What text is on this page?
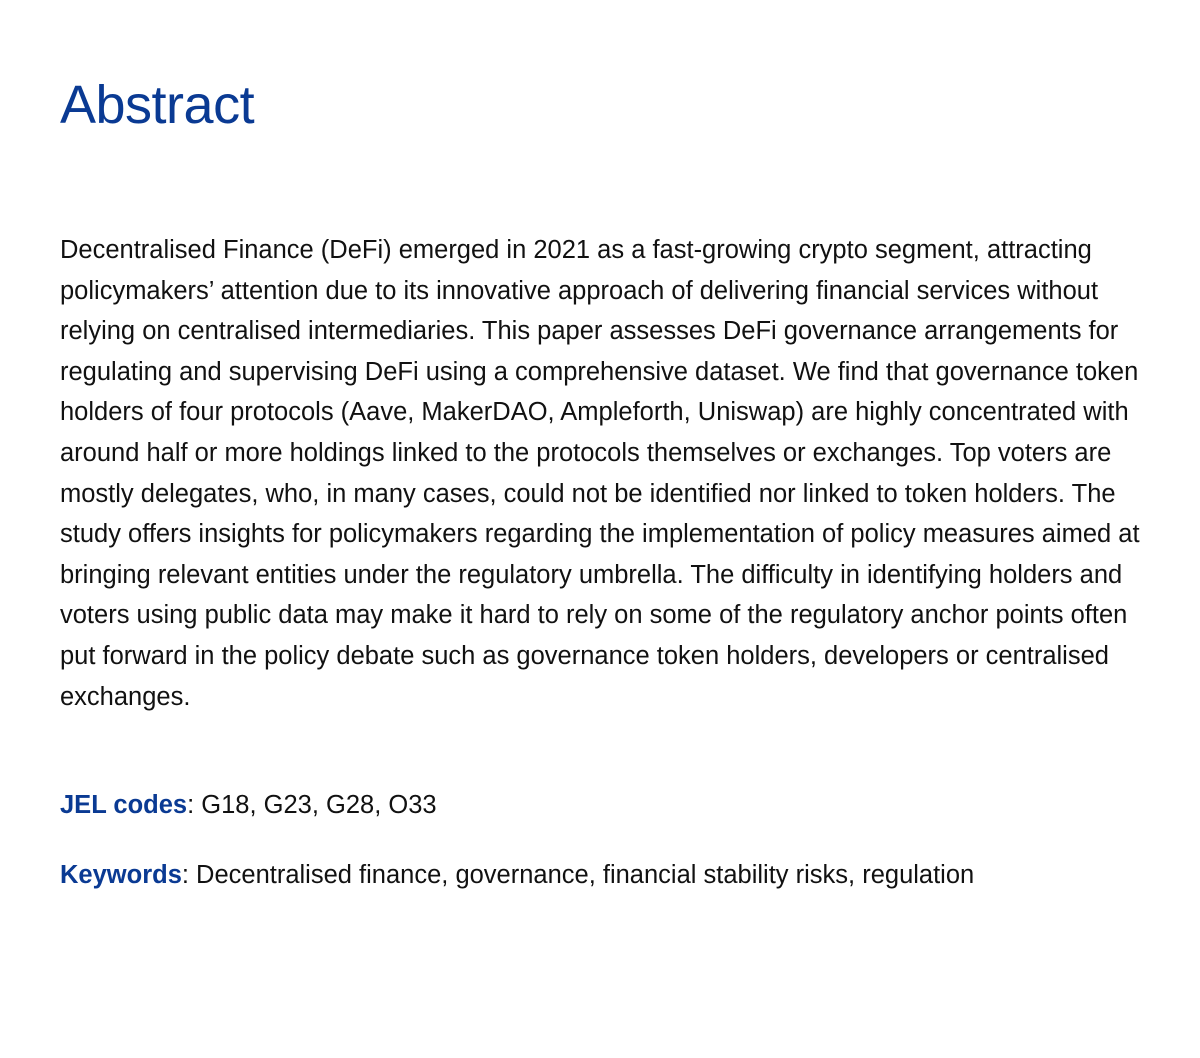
Abstract

Decentralised Finance (DeFi) emerged in 2021 as a fast-growing crypto segment, attracting policymakers’ attention due to its innovative approach of delivering financial services without relying on centralised intermediaries. This paper assesses DeFi governance arrangements for regulating and supervising DeFi using a comprehensive dataset. We find that governance token holders of four protocols (Aave, MakerDAO, Ampleforth, Uniswap) are highly concentrated with around half or more holdings linked to the protocols themselves or exchanges. Top voters are mostly delegates, who, in many cases, could not be identified nor linked to token holders. The study offers insights for policymakers regarding the implementation of policy measures aimed at bringing relevant entities under the regulatory umbrella. The difficulty in identifying holders and voters using public data may make it hard to rely on some of the regulatory anchor points often put forward in the policy debate such as governance token holders, developers or centralised exchanges.

JEL codes: G18, G23, G28, O33

Keywords: Decentralised finance, governance, financial stability risks, regulation
